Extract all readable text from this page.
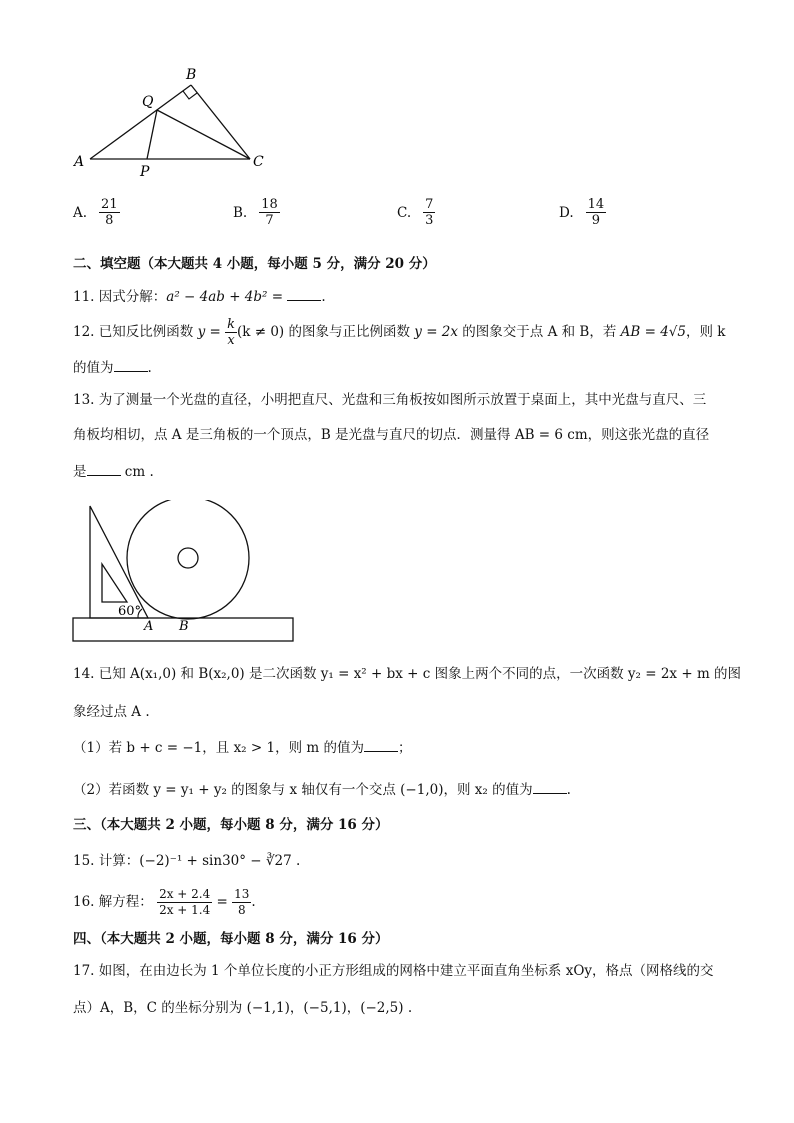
B
Q
A
P
C
A. $\frac{21}{8}$	B. $\frac{18}{7}$	C. $\frac{7}{3}$	D. $\frac{14}{9}$
二、填空题（本大题共 4 小题，每小题 5 分，满分 20 分）
11. 因式分解：a² − 4ab + 4b² =	.
12. 已知反比例函数 $y = \frac{k}{x} (k \ne 0)$ 的图象与正比例函数 y = 2x 的图象交于点 A 和 B，若 AB = 4√5，则 k
的值为	.
13. 为了测量一个光盘的直径，小明把直尺、光盘和三角板按如图所示放置于桌面上，其中光盘与直尺、三
角板均相切，点 A 是三角板的一个顶点，B 是光盘与直尺的切点．测量得 AB = 6 cm，则这张光盘的直径
是	cm .
60°
A B
14. 已知 A(x₁,0) 和 B(x₂,0) 是二次函数 y₁ = x² + bx + c 图象上两个不同的点，一次函数 y₂ = 2x + m 的图
象经过点 A .
（1）若 b + c = −1，且 x₂ > 1，则 m 的值为	；
（2）若函数 y = y₁ + y₂ 的图象与 x 轴仅有一个交点 (−1,0)，则 x₂ 的值为	.
三、（本大题共 2 小题，每小题 8 分，满分 16 分）
15. 计算：(−2)⁻¹ + sin30° − ∛27 .
16. 解方程： $\frac{2x + 2.4}{2x + 1.4} = \frac{13}{8}$ .
四、（本大题共 2 小题，每小题 8 分，满分 16 分）
17. 如图，在由边长为 1 个单位长度的小正方形组成的网格中建立平面直角坐标系 xOy，格点（网格线的交
点）A，B，C 的坐标分别为 (−1,1)，(−5,1)，(−2,5) .
